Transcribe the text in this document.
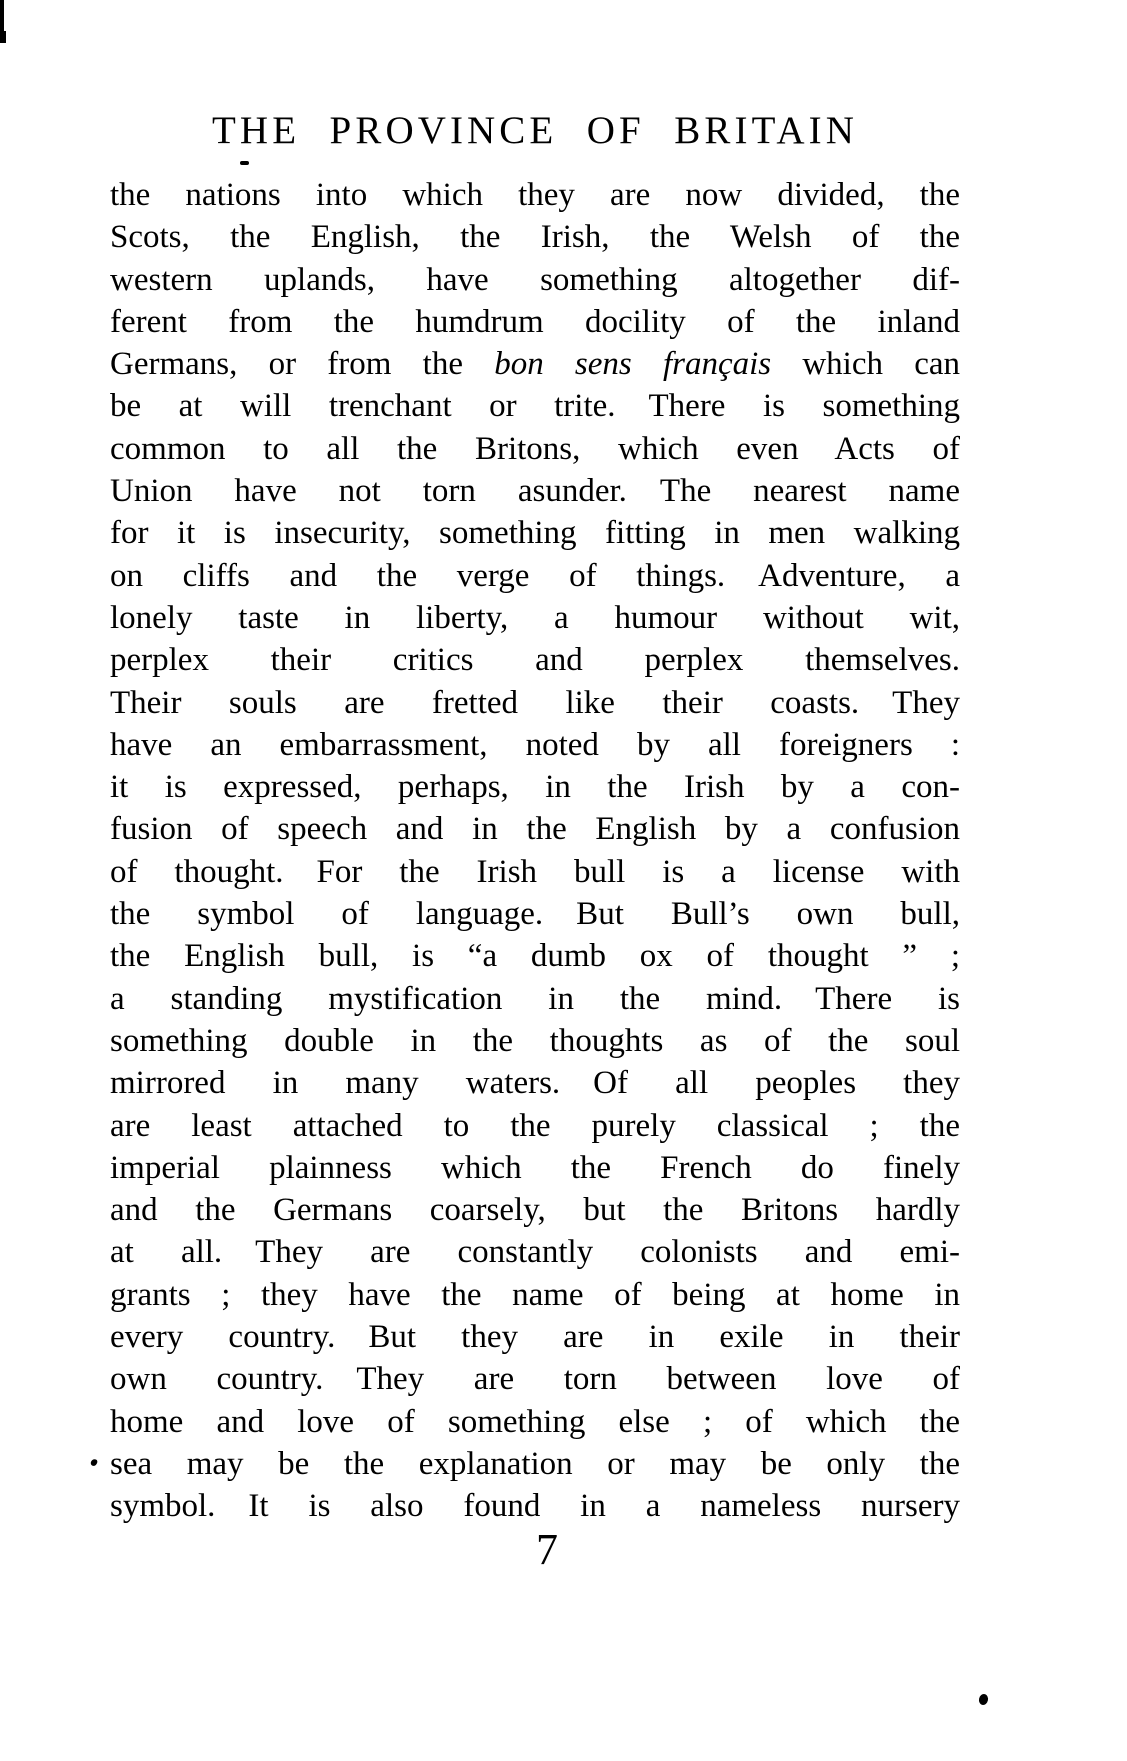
THE PROVINCE OF BRITAIN
the nations into which they are now divided, the
Scots, the English, the Irish, the Welsh of the
western uplands, have something altogether dif-
ferent from the humdrum docility of the inland
Germans, or from the bon sens français which can
be at will trenchant or trite. There is something
common to all the Britons, which even Acts of
Union have not torn asunder. The nearest name
for it is insecurity, something fitting in men walking
on cliffs and the verge of things. Adventure, a
lonely taste in liberty, a humour without wit,
perplex their critics and perplex themselves.
Their souls are fretted like their coasts. They
have an embarrassment, noted by all foreigners :
it is expressed, perhaps, in the Irish by a con-
fusion of speech and in the English by a confusion
of thought. For the Irish bull is a license with
the symbol of language. But Bull’s own bull,
the English bull, is “a dumb ox of thought ” ;
a standing mystification in the mind. There is
something double in the thoughts as of the soul
mirrored in many waters. Of all peoples they
are least attached to the purely classical ; the
imperial plainness which the French do finely
and the Germans coarsely, but the Britons hardly
at all. They are constantly colonists and emi-
grants ; they have the name of being at home in
every country. But they are in exile in their
own country. They are torn between love of
home and love of something else ; of which the
sea may be the explanation or may be only the
symbol. It is also found in a nameless nursery
7
